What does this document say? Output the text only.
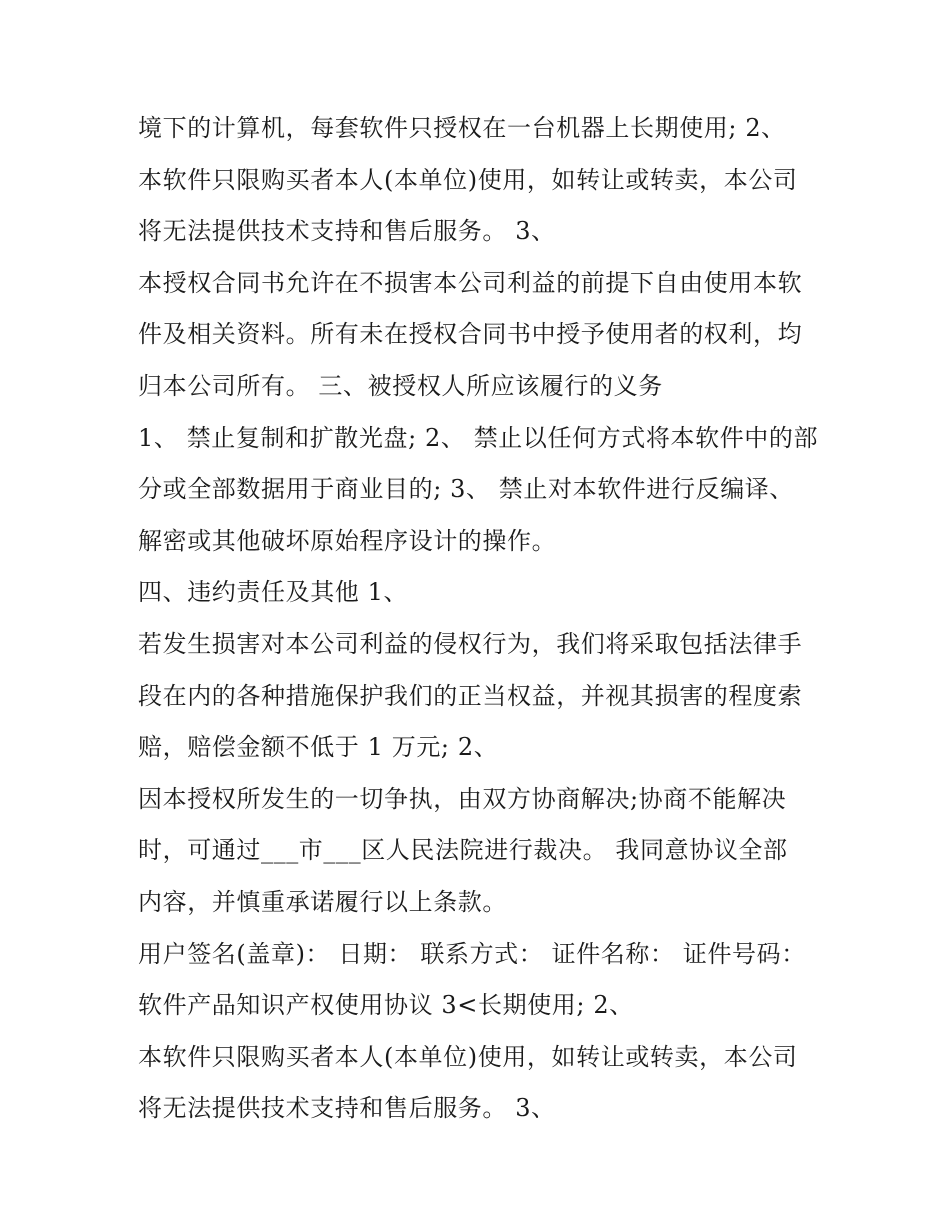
境下的计算机，每套软件只授权在一台机器上长期使用; 2、
本软件只限购买者本人(本单位)使用，如转让或转卖，本公司
将无法提供技术支持和售后服务。 3、
本授权合同书允许在不损害本公司利益的前提下自由使用本软
件及相关资料。所有未在授权合同书中授予使用者的权利，均
归本公司所有。 三、被授权人所应该履行的义务
1、 禁止复制和扩散光盘; 2、 禁止以任何方式将本软件中的部
分或全部数据用于商业目的; 3、 禁止对本软件进行反编译、
解密或其他破坏原始程序设计的操作。
四、违约责任及其他 1、
若发生损害对本公司利益的侵权行为，我们将采取包括法律手
段在内的各种措施保护我们的正当权益，并视其损害的程度索
赔，赔偿金额不低于 1 万元; 2、
因本授权所发生的一切争执，由双方协商解决;协商不能解决
时，可通过___市___区人民法院进行裁决。 我同意协议全部
内容，并慎重承诺履行以上条款。
用户签名(盖章)： 日期： 联系方式： 证件名称： 证件号码：
软件产品知识产权使用协议 3<长期使用; 2、
本软件只限购买者本人(本单位)使用，如转让或转卖，本公司
将无法提供技术支持和售后服务。 3、
